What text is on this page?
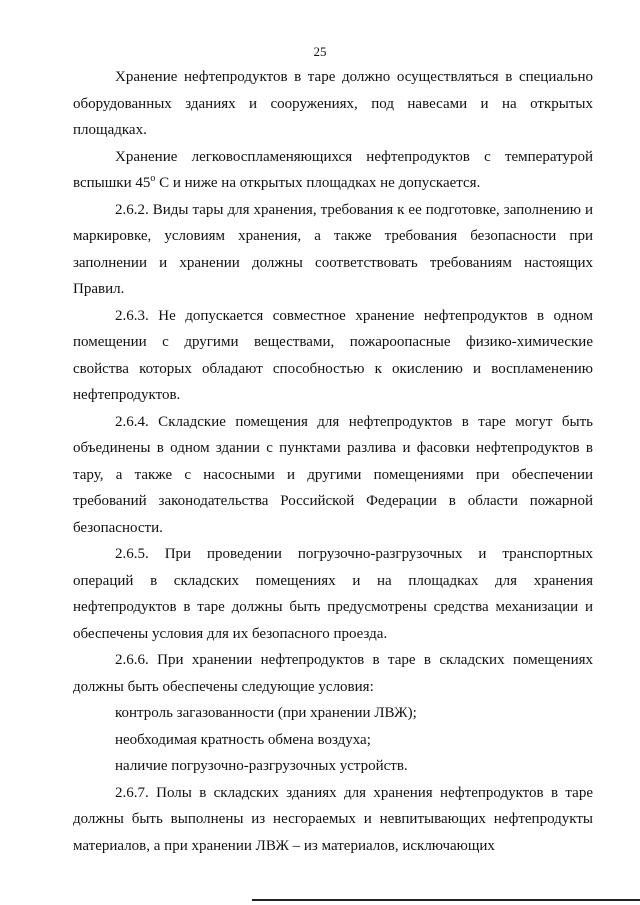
25

Хранение нефтепродуктов в таре должно осуществляться в специально оборудованных зданиях и сооружениях, под навесами и на открытых площадках.

Хранение легковоспламеняющихся нефтепродуктов с температурой вспышки 45$^o$ C и ниже на открытых площадках не допускается.

2.6.2. Виды тары для хранения, требования к ее подготовке, заполнению и маркировке, условиям хранения, а также требования безопасности при заполнении и хранении должны соответствовать требованиям настоящих Правил.

2.6.3. Не допускается совместное хранение нефтепродуктов в одном помещении с другими веществами, пожароопасные физико-химические свойства которых обладают способностью к окислению и воспламенению нефтепродуктов.

2.6.4. Складские помещения для нефтепродуктов в таре могут быть объединены в одном здании с пунктами разлива и фасовки нефтепродуктов в тару, а также с насосными и другими помещениями при обеспечении требований законодательства Российской Федерации в области пожарной безопасности.

2.6.5. При проведении погрузочно-разгрузочных и транспортных операций в складских помещениях и на площадках для хранения нефтепродуктов в таре должны быть предусмотрены средства механизации и обеспечены условия для их безопасного проезда.

2.6.6. При хранении нефтепродуктов в таре в складских помещениях должны быть обеспечены следующие условия:

контроль загазованности (при хранении ЛВЖ);

необходимая кратность обмена воздуха;

наличие погрузочно-разгрузочных устройств.

2.6.7. Полы в складских зданиях для хранения нефтепродуктов в таре должны быть выполнены из несгораемых и невпитывающих нефтепродукты материалов, а при хранении ЛВЖ – из материалов, исключающих
